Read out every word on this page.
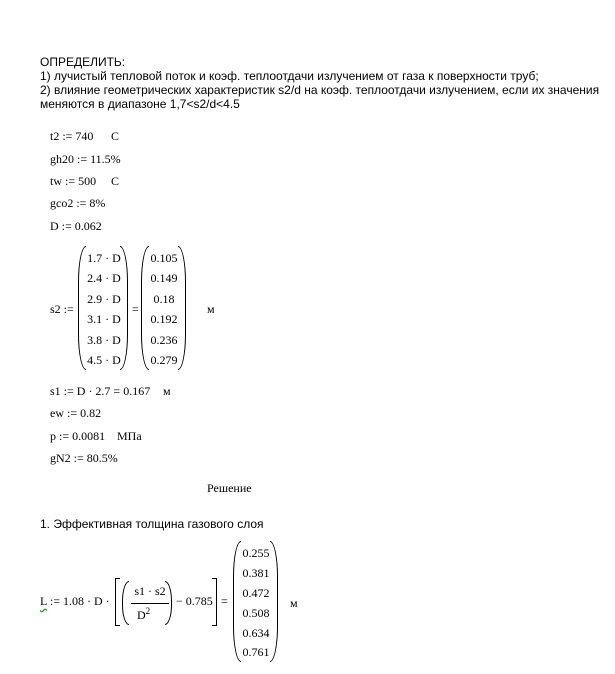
ОПРЕДЕЛИТЬ:
1) лучистый тепловой поток и коэф. теплоотдачи излучением от газа к поверхности труб;
2) влияние геометрических характеристик s2/d на коэф. теплоотдачи излучением, если их значения
меняются в диапазоне 1,7<s2/d<4.5
t2 := 740 C
gh20 := 11.5%
tw := 500 C
gco2 := 8%
D := 0.062
s2 :=
1.7 · D
2.4 · D
2.9 · D
3.1 · D
3.8 · D
4.5 · D
=
0.105
0.149
0.18
0.192
0.236
0.279
м
s1 := D · 2.7 = 0.167 м
ew := 0.82
p := 0.0081 МПа
gN2 := 80.5%
Решение
1. Эффективная толщина газового слоя
L := 1.08 · D ·
s1 · s2
$D^2$
− 0.785 =
0.255
0.381
0.472
0.508
0.634
0.761
м
